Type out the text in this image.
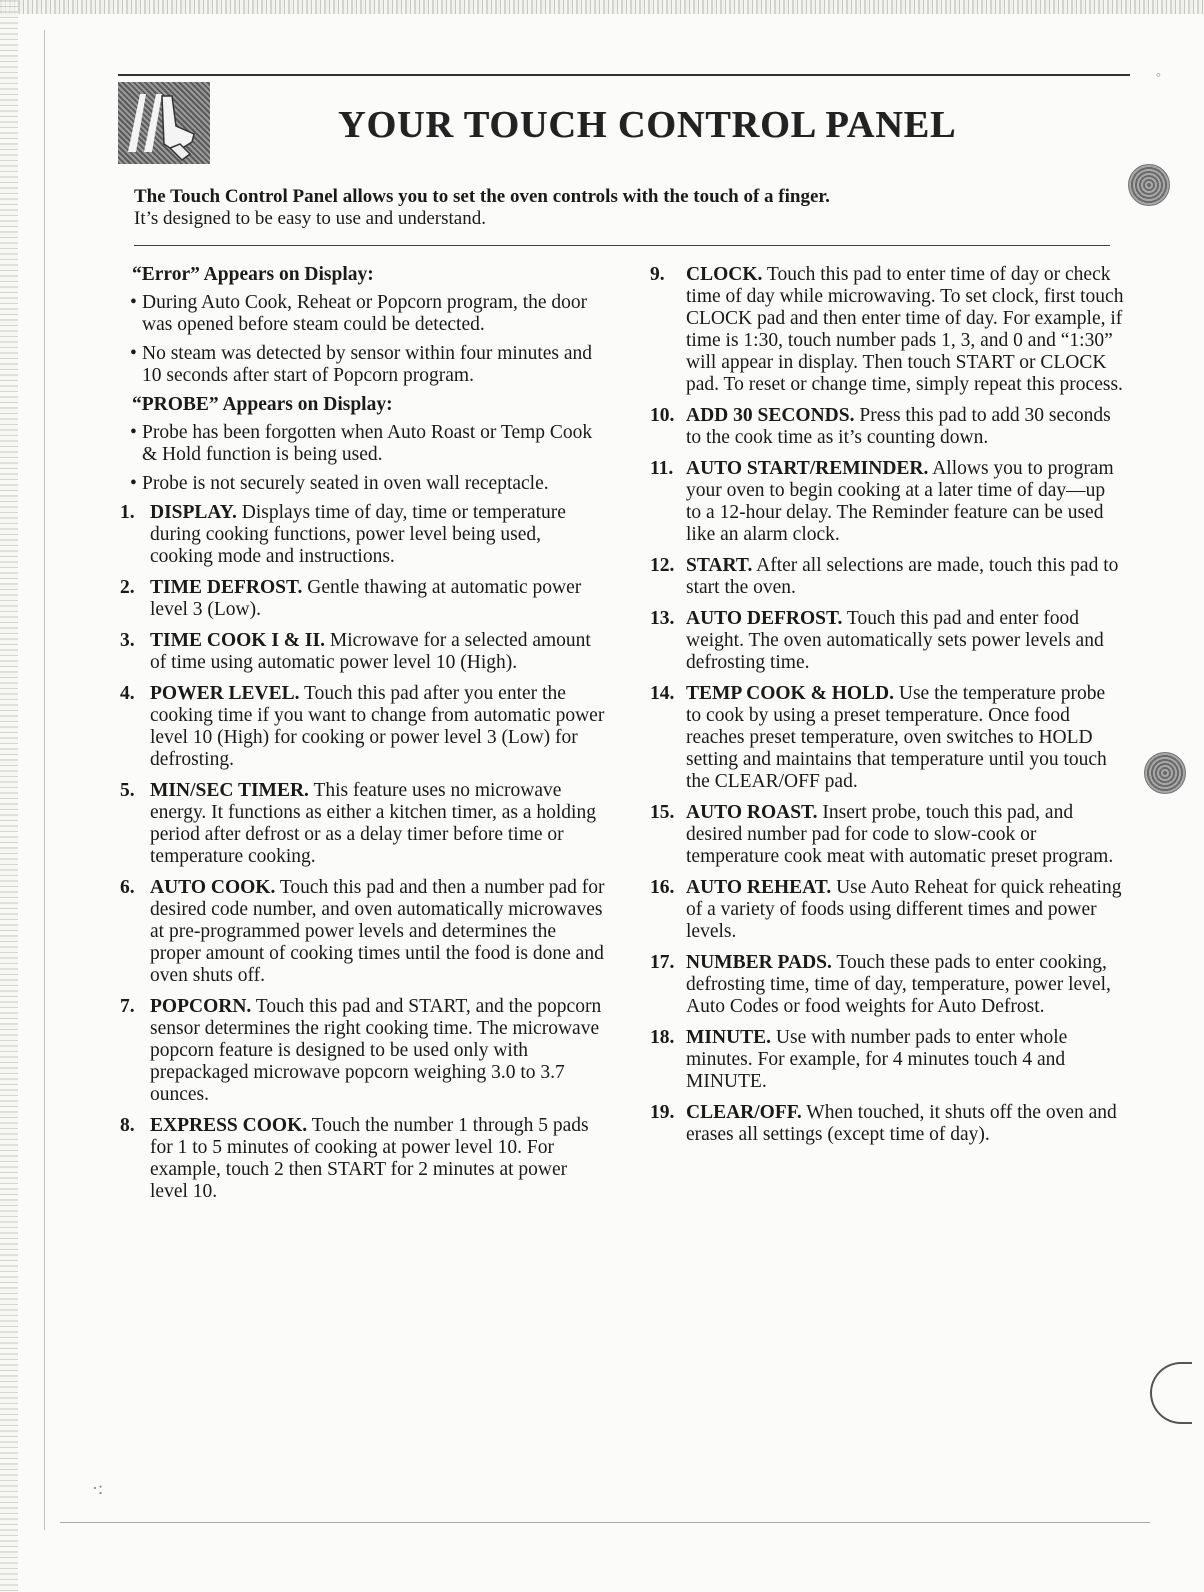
°
YOUR TOUCH CONTROL PANEL
The Touch Control Panel allows you to set the oven controls with the touch of a finger. It’s designed to be easy to use and understand.
“Error” Appears on Display:
• During Auto Cook, Reheat or Popcorn program, the door was opened before steam could be detected.
• No steam was detected by sensor within four minutes and 10 seconds after start of Popcorn program.
“PROBE” Appears on Display:
• Probe has been forgotten when Auto Roast or Temp Cook & Hold function is being used.
• Probe is not securely seated in oven wall receptacle.
1. DISPLAY. Displays time of day, time or temperature during cooking functions, power level being used, cooking mode and instructions.
2. TIME DEFROST. Gentle thawing at automatic power level 3 (Low).
3. TIME COOK I & II. Microwave for a selected amount of time using automatic power level 10 (High).
4. POWER LEVEL. Touch this pad after you enter the cooking time if you want to change from automatic power level 10 (High) for cooking or power level 3 (Low) for defrosting.
5. MIN/SEC TIMER. This feature uses no microwave energy. It functions as either a kitchen timer, as a holding period after defrost or as a delay timer before time or temperature cooking.
6. AUTO COOK. Touch this pad and then a number pad for desired code number, and oven automatically microwaves at pre-programmed power levels and determines the proper amount of cooking times until the food is done and oven shuts off.
7. POPCORN. Touch this pad and START, and the popcorn sensor determines the right cooking time. The microwave popcorn feature is designed to be used only with prepackaged microwave popcorn weighing 3.0 to 3.7 ounces.
8. EXPRESS COOK. Touch the number 1 through 5 pads for 1 to 5 minutes of cooking at power level 10. For example, touch 2 then START for 2 minutes at power level 10.
9. CLOCK. Touch this pad to enter time of day or check time of day while microwaving. To set clock, first touch CLOCK pad and then enter time of day. For example, if time is 1:30, touch number pads 1, 3, and 0 and “1:30” will appear in display. Then touch START or CLOCK pad. To reset or change time, simply repeat this process.
10. ADD 30 SECONDS. Press this pad to add 30 seconds to the cook time as it’s counting down.
11. AUTO START/REMINDER. Allows you to program your oven to begin cooking at a later time of day—up to a 12-hour delay. The Reminder feature can be used like an alarm clock.
12. START. After all selections are made, touch this pad to start the oven.
13. AUTO DEFROST. Touch this pad and enter food weight. The oven automatically sets power levels and defrosting time.
14. TEMP COOK & HOLD. Use the temperature probe to cook by using a preset temperature. Once food reaches preset temperature, oven switches to HOLD setting and maintains that temperature until you touch the CLEAR/OFF pad.
15. AUTO ROAST. Insert probe, touch this pad, and desired number pad for code to slow-cook or temperature cook meat with automatic preset program.
16. AUTO REHEAT. Use Auto Reheat for quick reheating of a variety of foods using different times and power levels.
17. NUMBER PADS. Touch these pads to enter cooking, defrosting time, time of day, temperature, power level, Auto Codes or food weights for Auto Defrost.
18. MINUTE. Use with number pads to enter whole minutes. For example, for 4 minutes touch 4 and MINUTE.
19. CLEAR/OFF. When touched, it shuts off the oven and erases all settings (except time of day).
·:
